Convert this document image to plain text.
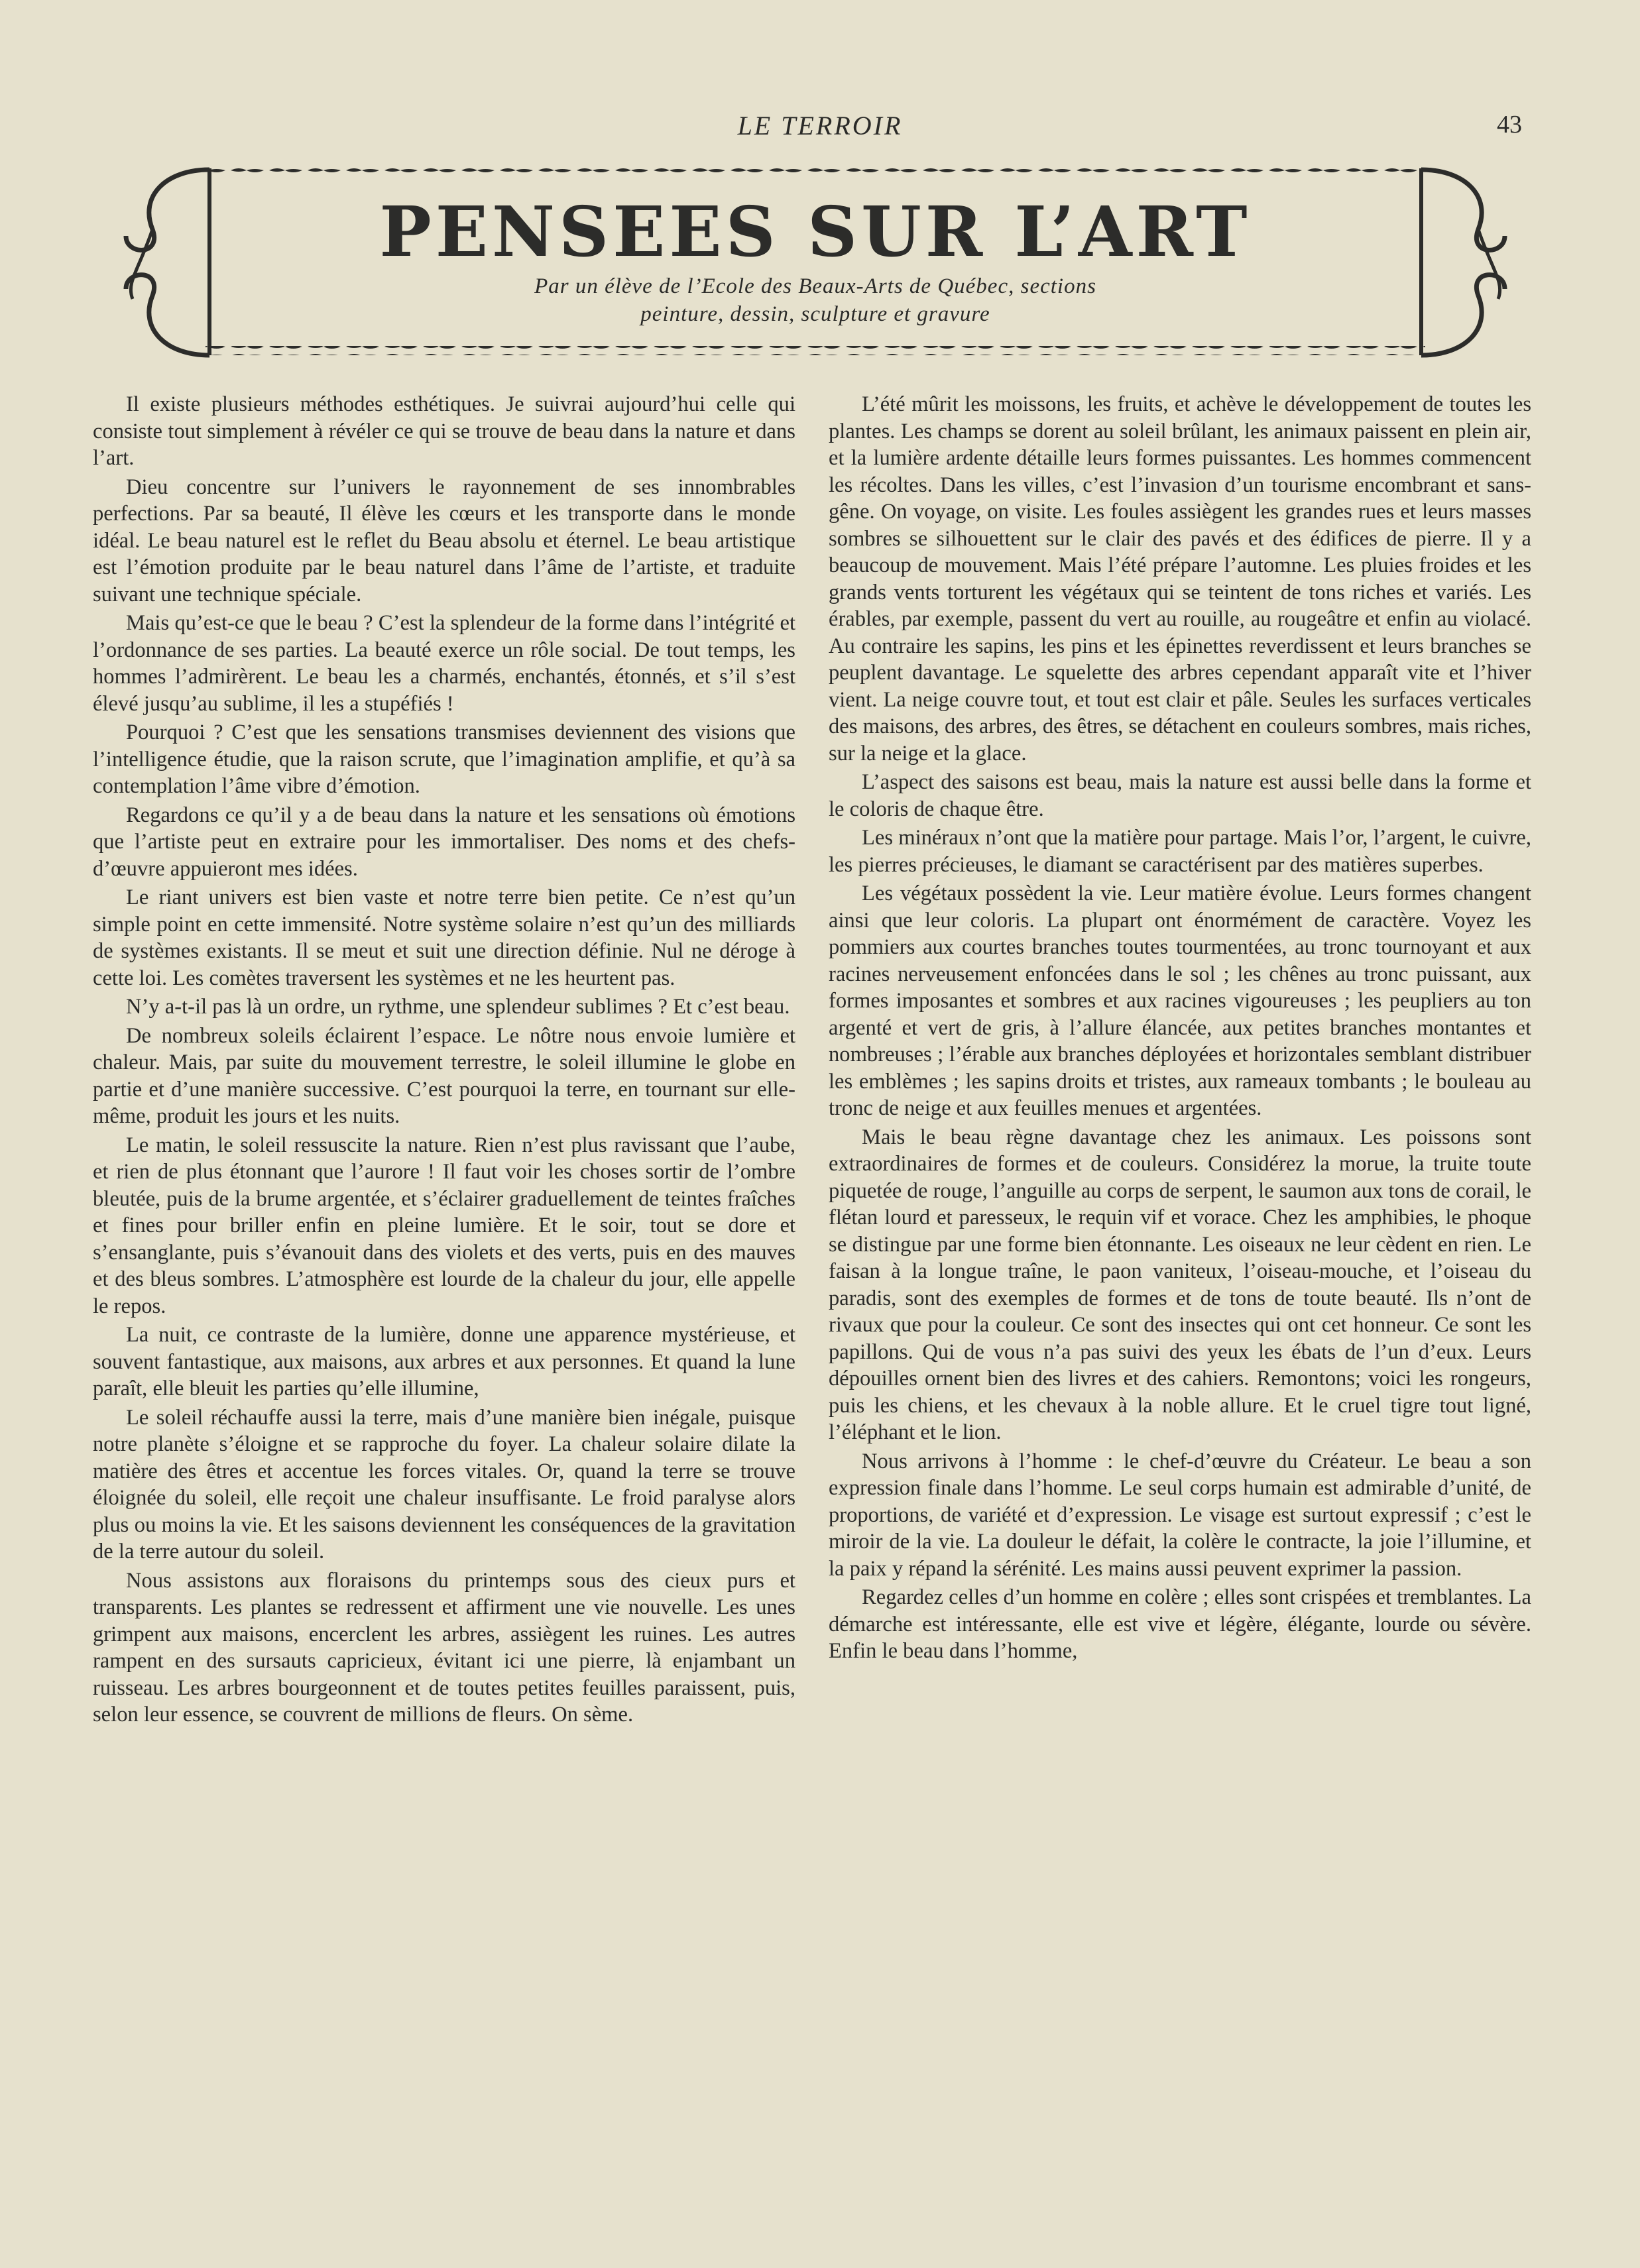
LE TERROIR	43
PENSEES SUR L’ART
Par un élève de l’Ecole des Beaux-Arts de Québec, sections
peinture, dessin, sculpture et gravure

Il existe plusieurs méthodes esthétiques. Je suivrai aujourd’hui celle qui consiste tout simplement à révéler ce qui se trouve de beau dans la nature et dans l’art.

Dieu concentre sur l’univers le rayonnement de ses innombrables perfections. Par sa beauté, Il élève les cœurs et les transporte dans le monde idéal. Le beau naturel est le reflet du Beau absolu et éternel. Le beau artistique est l’émotion produite par le beau naturel dans l’âme de l’artiste, et traduite suivant une technique spéciale.

Mais qu’est-ce que le beau ? C’est la splendeur de la forme dans l’intégrité et l’ordonnance de ses parties. La beauté exerce un rôle social. De tout temps, les hommes l’admirèrent. Le beau les a charmés, enchantés, étonnés, et s’il s’est élevé jusqu’au sublime, il les a stupéfiés !

Pourquoi ? C’est que les sensations transmises deviennent des visions que l’intelligence étudie, que la raison scrute, que l’imagination amplifie, et qu’à sa contemplation l’âme vibre d’émotion.

Regardons ce qu’il y a de beau dans la nature et les sensations où émotions que l’artiste peut en extraire pour les immortaliser. Des noms et des chefs-d’œuvre appuieront mes idées.

Le riant univers est bien vaste et notre terre bien petite. Ce n’est qu’un simple point en cette immensité. Notre système solaire n’est qu’un des milliards de systèmes existants. Il se meut et suit une direction définie. Nul ne déroge à cette loi. Les comètes traversent les systèmes et ne les heurtent pas.

N’y a-t-il pas là un ordre, un rythme, une splendeur sublimes ? Et c’est beau.

De nombreux soleils éclairent l’espace. Le nôtre nous envoie lumière et chaleur. Mais, par suite du mouvement terrestre, le soleil illumine le globe en partie et d’une manière successive. C’est pourquoi la terre, en tournant sur elle-même, produit les jours et les nuits.

Le matin, le soleil ressuscite la nature. Rien n’est plus ravissant que l’aube, et rien de plus étonnant que l’aurore ! Il faut voir les choses sortir de l’ombre bleutée, puis de la brume argentée, et s’éclairer graduellement de teintes fraîches et fines pour briller enfin en pleine lumière. Et le soir, tout se dore et s’ensanglante, puis s’évanouit dans des violets et des verts, puis en des mauves et des bleus sombres. L’atmosphère est lourde de la chaleur du jour, elle appelle le repos.

La nuit, ce contraste de la lumière, donne une apparence mystérieuse, et souvent fantastique, aux maisons, aux arbres et aux personnes. Et quand la lune paraît, elle bleuit les parties qu’elle illumine,

Le soleil réchauffe aussi la terre, mais d’une manière bien inégale, puisque notre planète s’éloigne et se rapproche du foyer. La chaleur solaire dilate la matière des êtres et accentue les forces vitales. Or, quand la terre se trouve éloignée du soleil, elle reçoit une chaleur insuffisante. Le froid paralyse alors plus ou moins la vie. Et les saisons deviennent les conséquences de la gravitation de la terre autour du soleil.

Nous assistons aux floraisons du printemps sous des cieux purs et transparents. Les plantes se redressent et affirment une vie nouvelle. Les unes grimpent aux maisons, encerclent les arbres, assiègent les ruines. Les autres rampent en des sursauts capricieux, évitant ici une pierre, là enjambant un ruisseau. Les arbres bourgeonnent et de toutes petites feuilles paraissent, puis, selon leur essence, se couvrent de millions de fleurs. On sème.

L’été mûrit les moissons, les fruits, et achève le développement de toutes les plantes. Les champs se dorent au soleil brûlant, les animaux paissent en plein air, et la lumière ardente détaille leurs formes puissantes. Les hommes commencent les récoltes. Dans les villes, c’est l’invasion d’un tourisme encombrant et sans-gêne. On voyage, on visite. Les foules assiègent les grandes rues et leurs masses sombres se silhouettent sur le clair des pavés et des édifices de pierre. Il y a beaucoup de mouvement. Mais l’été prépare l’automne. Les pluies froides et les grands vents torturent les végétaux qui se teintent de tons riches et variés. Les érables, par exemple, passent du vert au rouille, au rougeâtre et enfin au violacé. Au contraire les sapins, les pins et les épinettes reverdissent et leurs branches se peuplent davantage. Le squelette des arbres cependant apparaît vite et l’hiver vient. La neige couvre tout, et tout est clair et pâle. Seules les surfaces verticales des maisons, des arbres, des êtres, se détachent en couleurs sombres, mais riches, sur la neige et la glace.

L’aspect des saisons est beau, mais la nature est aussi belle dans la forme et le coloris de chaque être.

Les minéraux n’ont que la matière pour partage. Mais l’or, l’argent, le cuivre, les pierres précieuses, le diamant se caractérisent par des matières superbes.

Les végétaux possèdent la vie. Leur matière évolue. Leurs formes changent ainsi que leur coloris. La plupart ont énormément de caractère. Voyez les pommiers aux courtes branches toutes tourmentées, au tronc tournoyant et aux racines nerveusement enfoncées dans le sol ; les chênes au tronc puissant, aux formes imposantes et sombres et aux racines vigoureuses ; les peupliers au ton argenté et vert de gris, à l’allure élancée, aux petites branches montantes et nombreuses ; l’érable aux branches déployées et horizontales semblant distribuer les emblèmes ; les sapins droits et tristes, aux rameaux tombants ; le bouleau au tronc de neige et aux feuilles menues et argentées.

Mais le beau règne davantage chez les animaux. Les poissons sont extraordinaires de formes et de couleurs. Considérez la morue, la truite toute piquetée de rouge, l’anguille au corps de serpent, le saumon aux tons de corail, le flétan lourd et paresseux, le requin vif et vorace. Chez les amphibies, le phoque se distingue par une forme bien étonnante. Les oiseaux ne leur cèdent en rien. Le faisan à la longue traîne, le paon vaniteux, l’oiseau-mouche, et l’oiseau du paradis, sont des exemples de formes et de tons de toute beauté. Ils n’ont de rivaux que pour la couleur. Ce sont des insectes qui ont cet honneur. Ce sont les papillons. Qui de vous n’a pas suivi des yeux les ébats de l’un d’eux. Leurs dépouilles ornent bien des livres et des cahiers. Remontons; voici les rongeurs, puis les chiens, et les chevaux à la noble allure. Et le cruel tigre tout ligné, l’éléphant et le lion.

Nous arrivons à l’homme : le chef-d’œuvre du Créateur. Le beau a son expression finale dans l’homme. Le seul corps humain est admirable d’unité, de proportions, de variété et d’expression. Le visage est surtout expressif ; c’est le miroir de la vie. La douleur le défait, la colère le contracte, la joie l’illumine, et la paix y répand la sérénité. Les mains aussi peuvent exprimer la passion.

Regardez celles d’un homme en colère ; elles sont crispées et tremblantes. La démarche est intéressante, elle est vive et légère, élégante, lourde ou sévère. Enfin le beau dans l’homme,
